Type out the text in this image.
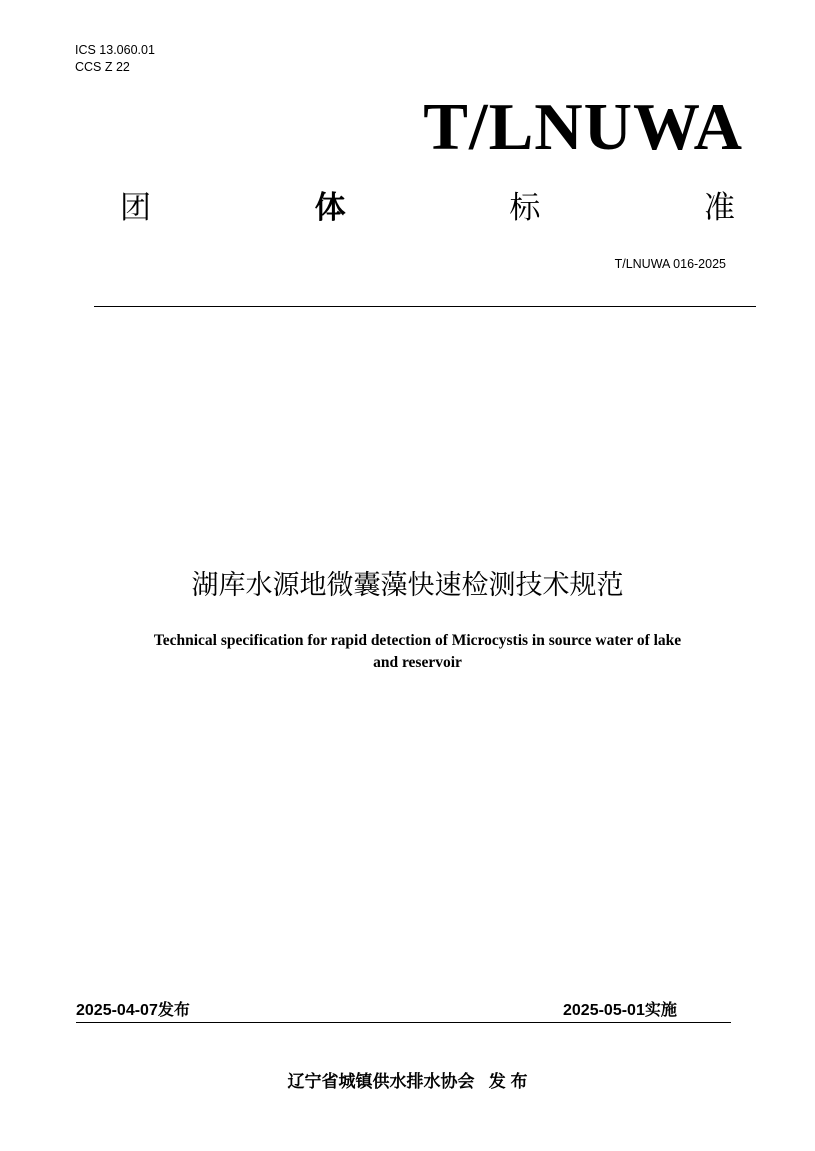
ICS 13.060.01
CCS Z 22
T/LNUWA
团	体	标	准
T/LNUWA 016-2025
湖库水源地微囊藻快速检测技术规范
Technical specification for rapid detection of Microcystis in source water of lake
and reservoir
2025-04-07发布	2025-05-01实施
辽宁省城镇供水排水协会   发 布
